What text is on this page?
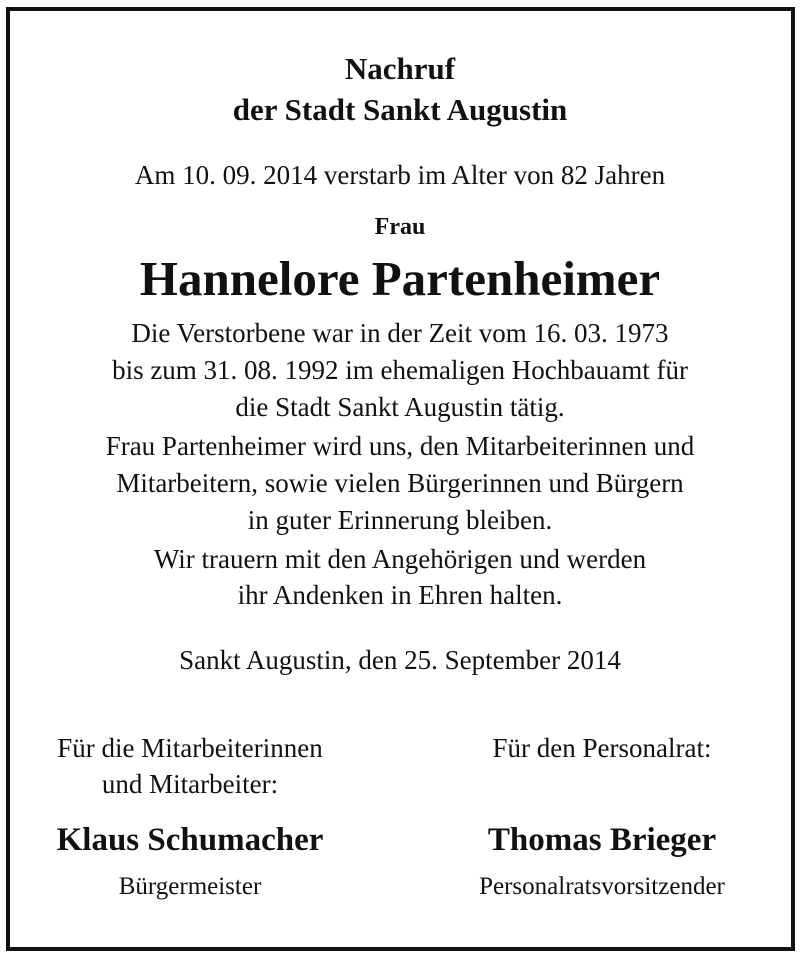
Nachruf
der Stadt Sankt Augustin
Am 10. 09. 2014 verstarb im Alter von 82 Jahren
Frau
Hannelore Partenheimer
Die Verstorbene war in der Zeit vom 16. 03. 1973
bis zum 31. 08. 1992 im ehemaligen Hochbauamt für
die Stadt Sankt Augustin tätig.
Frau Partenheimer wird uns, den Mitarbeiterinnen und
Mitarbeitern, sowie vielen Bürgerinnen und Bürgern
in guter Erinnerung bleiben.
Wir trauern mit den Angehörigen und werden
ihr Andenken in Ehren halten.
Sankt Augustin, den 25. September 2014
Für die Mitarbeiterinnen
und Mitarbeiter:
Klaus Schumacher
Bürgermeister
Für den Personalrat:
Thomas Brieger
Personalratsvorsitzender
